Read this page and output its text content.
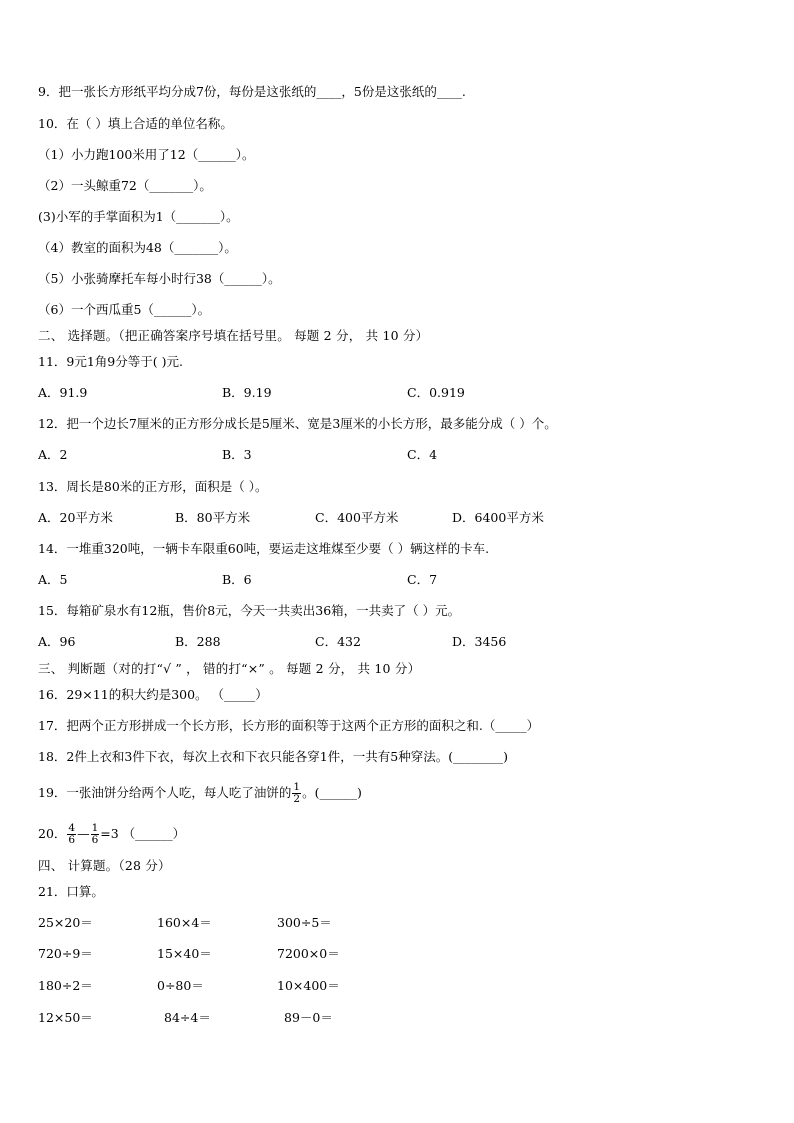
9．把一张长方形纸平均分成7份，每份是这张纸的____，5份是这张纸的____.
10．在（ ）填上合适的单位名称。
（1）小力跑100米用了12（______）。
（2）一头鲸重72（_______）。
(3)小军的手掌面积为1（_______）。
（4）教室的面积为48（_______）。
（5）小张骑摩托车每小时行38（______）。
（6）一个西瓜重5（______）。
二、 选择题。（把正确答案序号填在括号里。 每题 2 分， 共 10 分）
11．9元1角9分等于( )元.
A．91.9	B．9.19	C．0.919
12．把一个边长7厘米的正方形分成长是5厘米、宽是3厘米的小长方形，最多能分成（ ）个。
A．2	B．3	C．4
13．周长是80米的正方形，面积是（ ）。
A．20平方米	B．80平方米	C．400平方米	D．6400平方米
14．一堆重320吨，一辆卡车限重60吨，要运走这堆煤至少要（ ）辆这样的卡车.
A．5	B．6	C．7
15．每箱矿泉水有12瓶，售价8元，今天一共卖出36箱，一共卖了（ ）元。
A．96	B．288	C．432	D．3456
三、 判断题（对的打“√ ” ， 错的打“×” 。 每题 2 分， 共 10 分）
16．29×11的积大约是300。 （_____）
17．把两个正方形拼成一个长方形，长方形的面积等于这两个正方形的面积之和.（_____）
18．2件上衣和3件下衣，每次上衣和下衣只能各穿1件，一共有5种穿法。(________)
19．一张油饼分给两个人吃，每人吃了油饼的 $\frac{1}{2}$ 。(______)
20． $\frac{4}{6}$ — $\frac{1}{6} =3$ （______）
四、 计算题。（28 分）
21．口算。
25×20＝	160×4＝	300÷5＝
720÷9＝	15×40＝	7200×0＝
180÷2＝	0÷80＝	10×400＝
12×50＝	84÷4＝	89－0＝
